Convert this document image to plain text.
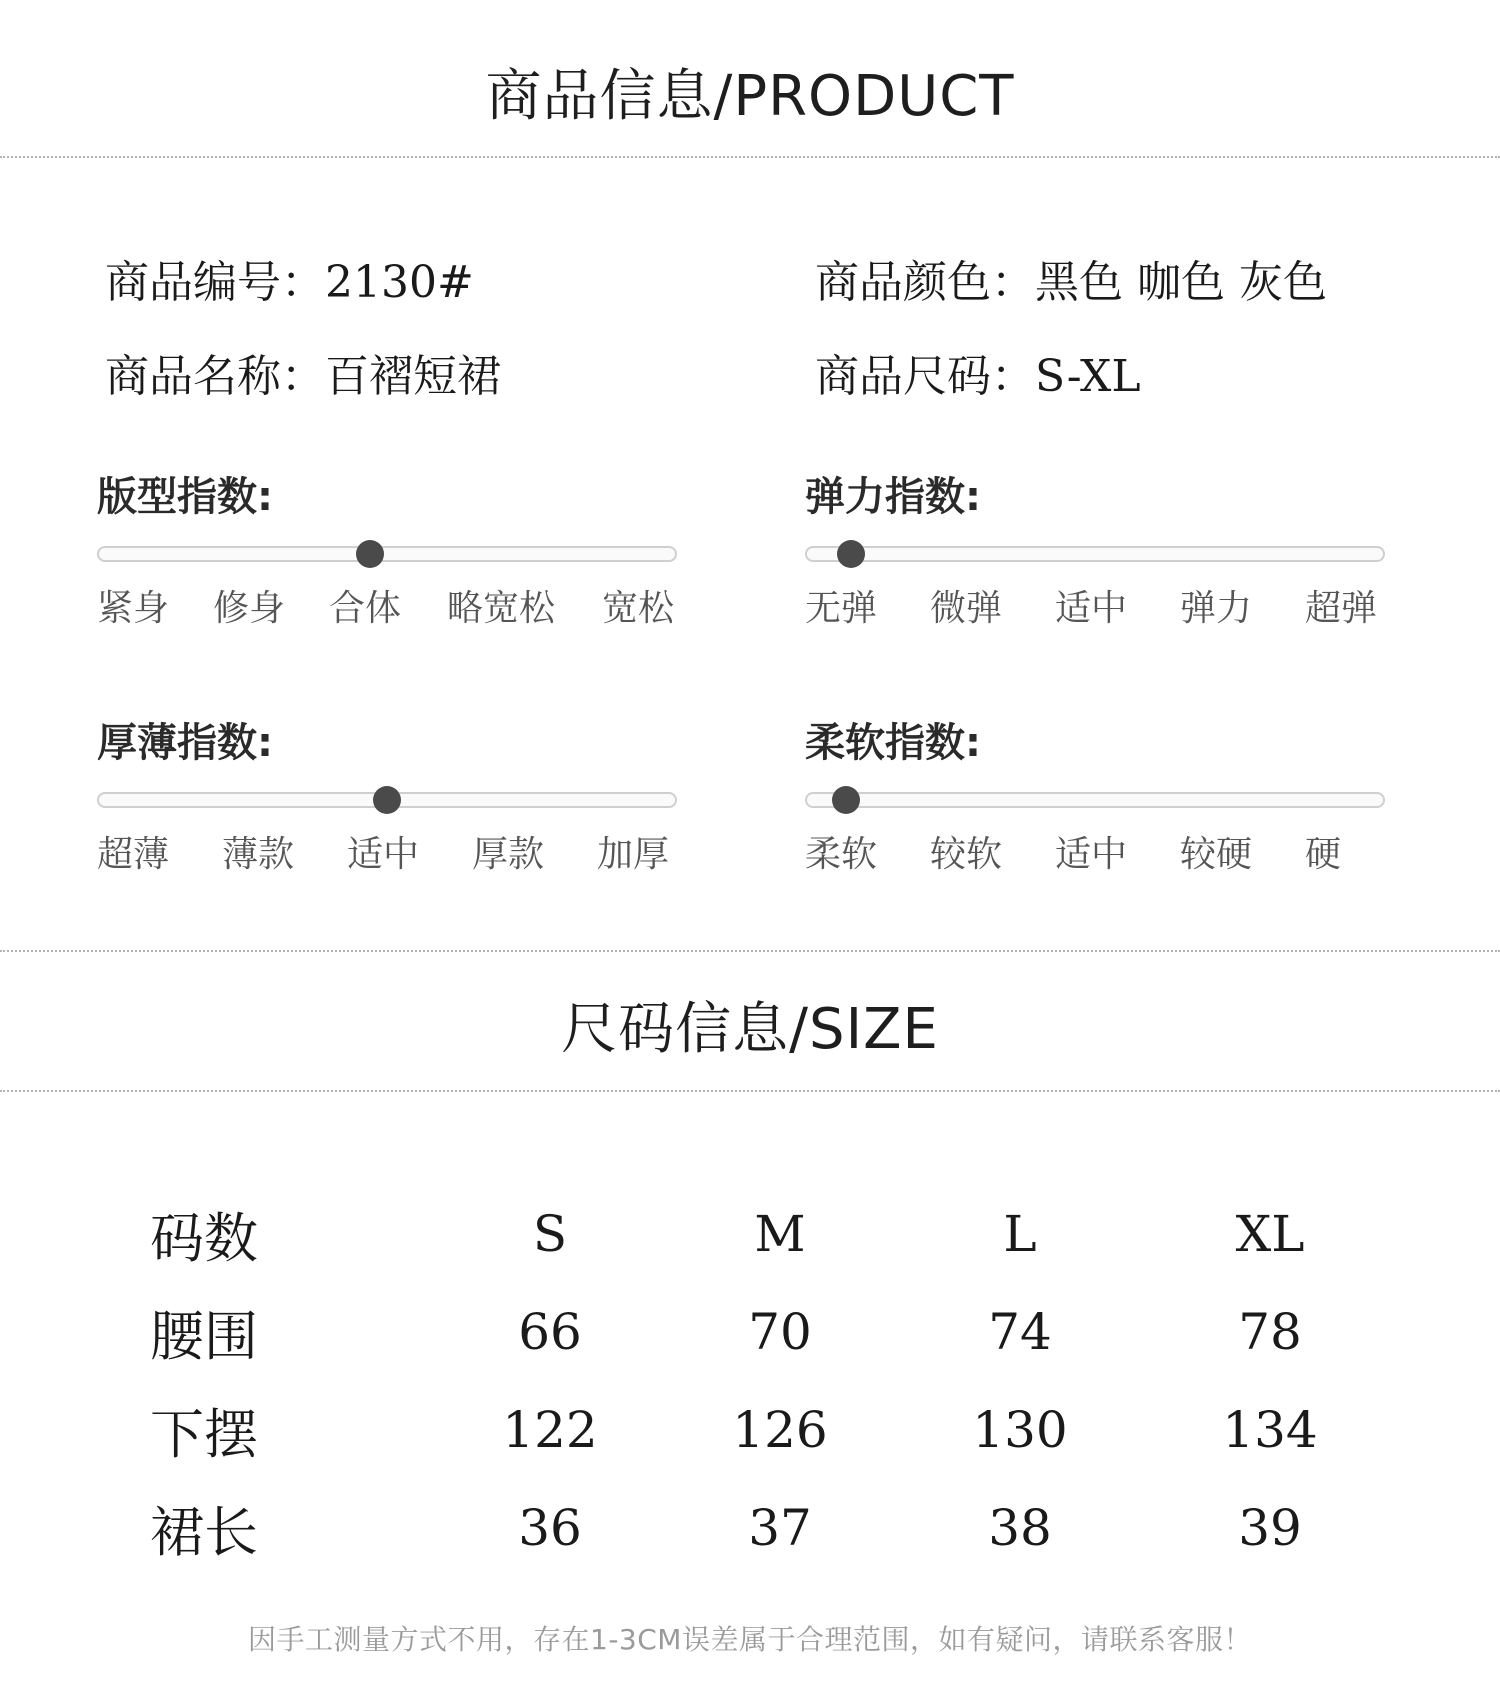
商品信息/PRODUCT
商品编号：2130#	商品颜色：黑色 咖色 灰色
商品名称：百褶短裙	商品尺码：S-XL
版型指数:
紧身 修身 合体 略宽松 宽松
弹力指数:
无弹 微弹 适中 弹力 超弹
厚薄指数:
超薄 薄款 适中 厚款 加厚
柔软指数:
柔软 较软 适中 较硬 硬
尺码信息/SIZE
码数	S	M	L	XL
腰围	66	70	74	78
下摆	122	126	130	134
裙长	36	37	38	39
因手工测量方式不用，存在1-3CM误差属于合理范围，如有疑问，请联系客服！
